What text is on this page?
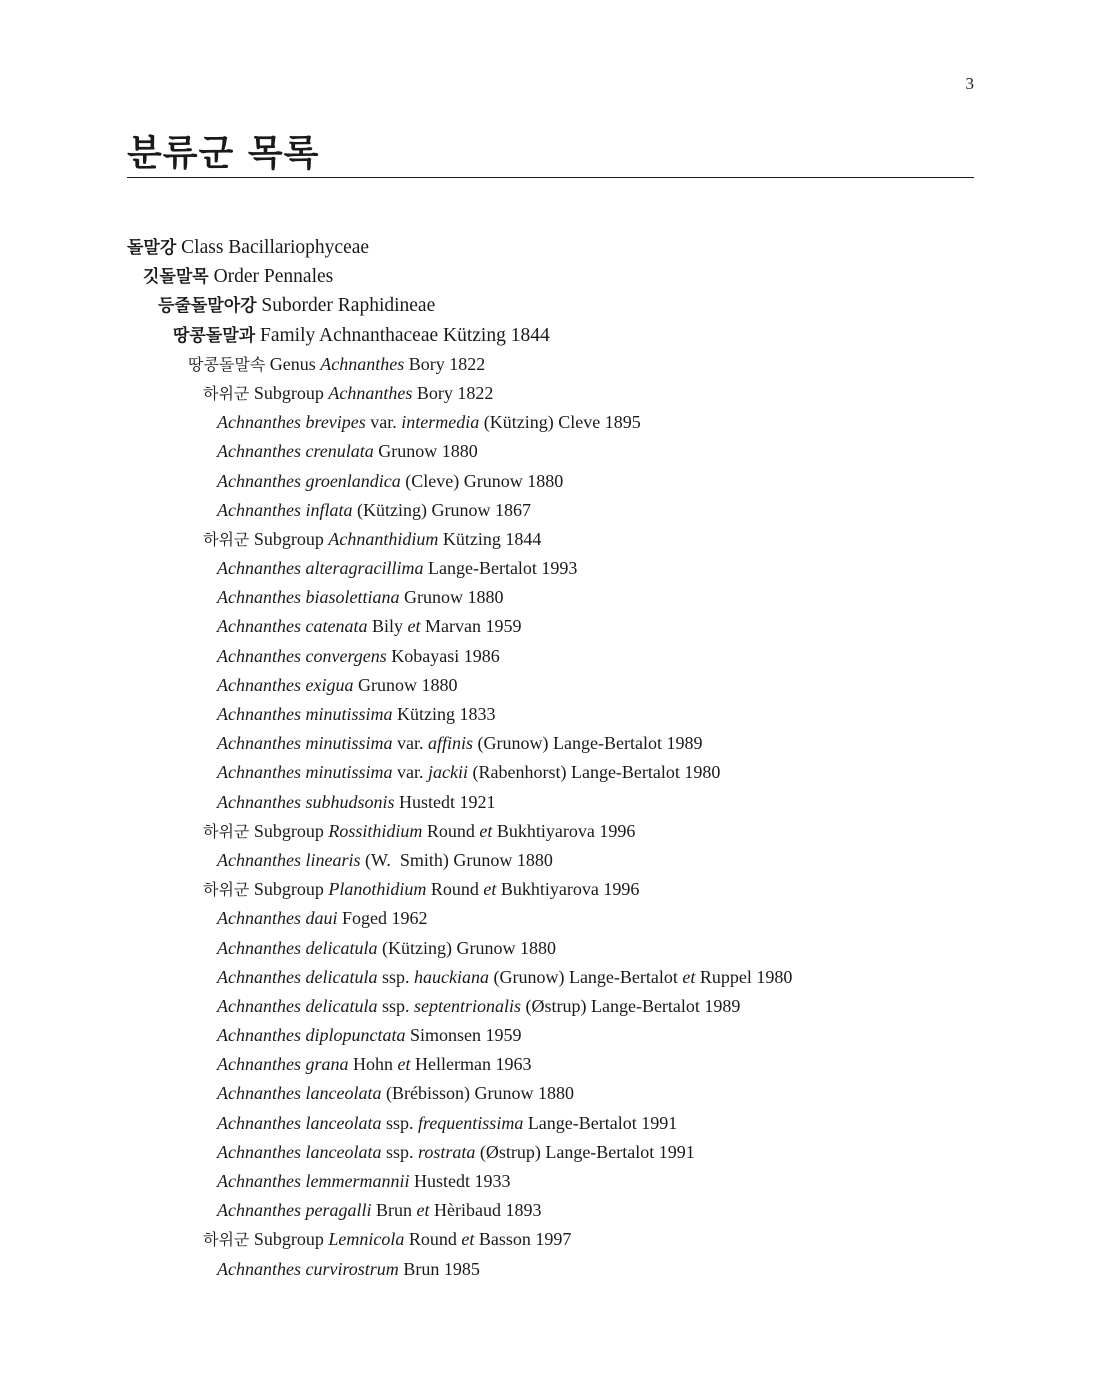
3
분류군 목록
돌말강 Class Bacillariophyceae
깃돌말목 Order Pennales
등줄돌말아강 Suborder Raphidineae
땅콩돌말과 Family Achnanthaceae Kützing 1844
땅콩돌말속 Genus Achnanthes Bory 1822
하위군 Subgroup Achnanthes Bory 1822
Achnanthes brevipes var. intermedia (Kützing) Cleve 1895
Achnanthes crenulata Grunow 1880
Achnanthes groenlandica (Cleve) Grunow 1880
Achnanthes inflata (Kützing) Grunow 1867
하위군 Subgroup Achnanthidium Kützing 1844
Achnanthes alteragracillima Lange-Bertalot 1993
Achnanthes biasolettiana Grunow 1880
Achnanthes catenata Bily et Marvan 1959
Achnanthes convergens Kobayasi 1986
Achnanthes exigua Grunow 1880
Achnanthes minutissima Kützing 1833
Achnanthes minutissima var. affinis (Grunow) Lange-Bertalot 1989
Achnanthes minutissima var. jackii (Rabenhorst) Lange-Bertalot 1980
Achnanthes subhudsonis Hustedt 1921
하위군 Subgroup Rossithidium Round et Bukhtiyarova 1996
Achnanthes linearis (W.  Smith) Grunow 1880
하위군 Subgroup Planothidium Round et Bukhtiyarova 1996
Achnanthes daui Foged 1962
Achnanthes delicatula (Kützing) Grunow 1880
Achnanthes delicatula ssp. hauckiana (Grunow) Lange-Bertalot et Ruppel 1980
Achnanthes delicatula ssp. septentrionalis (Østrup) Lange-Bertalot 1989
Achnanthes diplopunctata Simonsen 1959
Achnanthes grana Hohn et Hellerman 1963
Achnanthes lanceolata (Brébisson) Grunow 1880
Achnanthes lanceolata ssp. frequentissima Lange-Bertalot 1991
Achnanthes lanceolata ssp. rostrata (Østrup) Lange-Bertalot 1991
Achnanthes lemmermannii Hustedt 1933
Achnanthes peragalli Brun et Hèribaud 1893
하위군 Subgroup Lemnicola Round et Basson 1997
Achnanthes curvirostrum Brun 1985
